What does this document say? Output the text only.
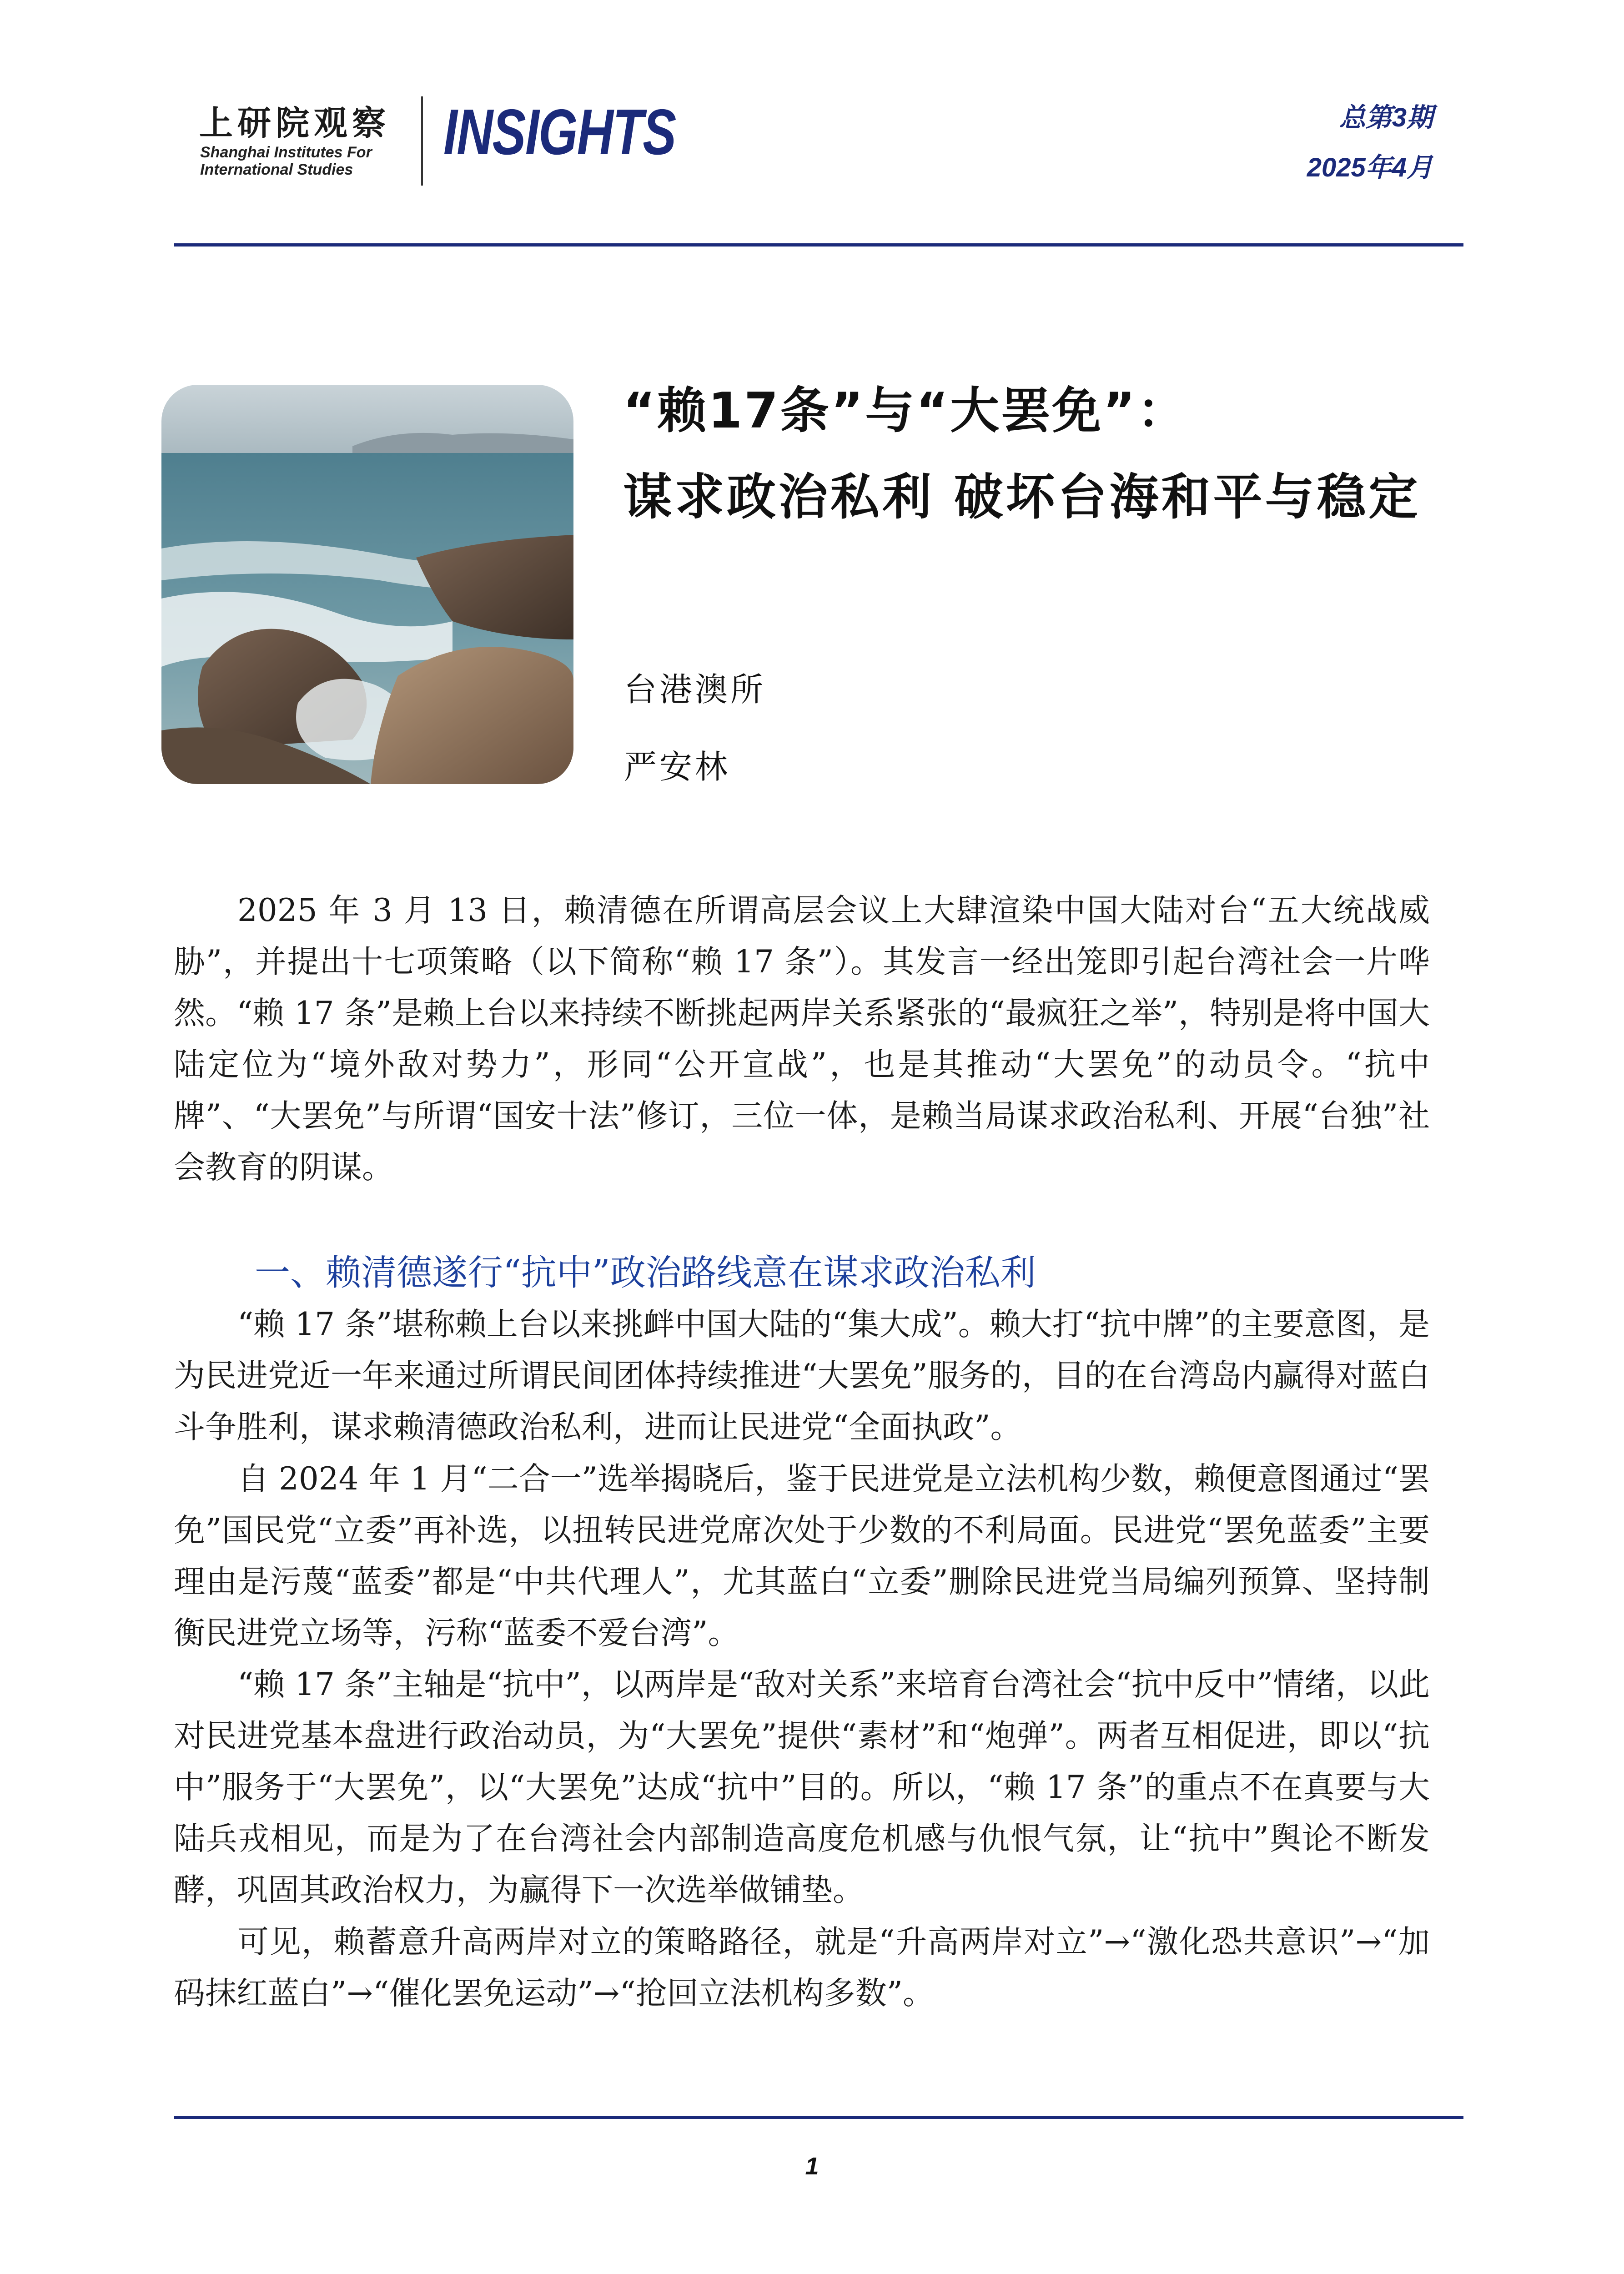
上研院观察
Shanghai Institutes For
International Studies
INSIGHTS	总第3期
2025年4月
“赖17条”与“大罢免”：
谋求政治私利 破坏台海和平与稳定
台港澳所
严安林

2025 年 3 月 13 日，赖清德在所谓高层会议上大肆渲染中国大陆对台“五大统战威胁”，并提出十七项策略（以下简称“赖 17 条”）。其发言一经出笼即引起台湾社会一片哗然。“赖 17 条”是赖上台以来持续不断挑起两岸关系紧张的“最疯狂之举”，特别是将中国大陆定位为“境外敌对势力”，形同“公开宣战”，也是其推动“大罢免”的动员令。“抗中牌”、“大罢免”与所谓“国安十法”修订，三位一体，是赖当局谋求政治私利、开展“台独”社会教育的阴谋。

一、赖清德遂行“抗中”政治路线意在谋求政治私利

“赖 17 条”堪称赖上台以来挑衅中国大陆的“集大成”。赖大打“抗中牌”的主要意图，是为民进党近一年来通过所谓民间团体持续推进“大罢免”服务的，目的在台湾岛内赢得对蓝白斗争胜利，谋求赖清德政治私利，进而让民进党“全面执政”。

自 2024 年 1 月“二合一”选举揭晓后，鉴于民进党是立法机构少数，赖便意图通过“罢免”国民党“立委”再补选，以扭转民进党席次处于少数的不利局面。民进党“罢免蓝委”主要理由是污蔑“蓝委”都是“中共代理人”，尤其蓝白“立委”删除民进党当局编列预算、坚持制衡民进党立场等，污称“蓝委不爱台湾”。

“赖 17 条”主轴是“抗中”，以两岸是“敌对关系”来培育台湾社会“抗中反中”情绪，以此对民进党基本盘进行政治动员，为“大罢免”提供“素材”和“炮弹”。两者互相促进，即以“抗中”服务于“大罢免”，以“大罢免”达成“抗中”目的。所以，“赖 17 条”的重点不在真要与大陆兵戎相见，而是为了在台湾社会内部制造高度危机感与仇恨气氛，让“抗中”舆论不断发酵，巩固其政治权力，为赢得下一次选举做铺垫。

可见，赖蓄意升高两岸对立的策略路径，就是“升高两岸对立”→“激化恐共意识”→“加码抹红蓝白”→“催化罢免运动”→“抢回立法机构多数”。

1
